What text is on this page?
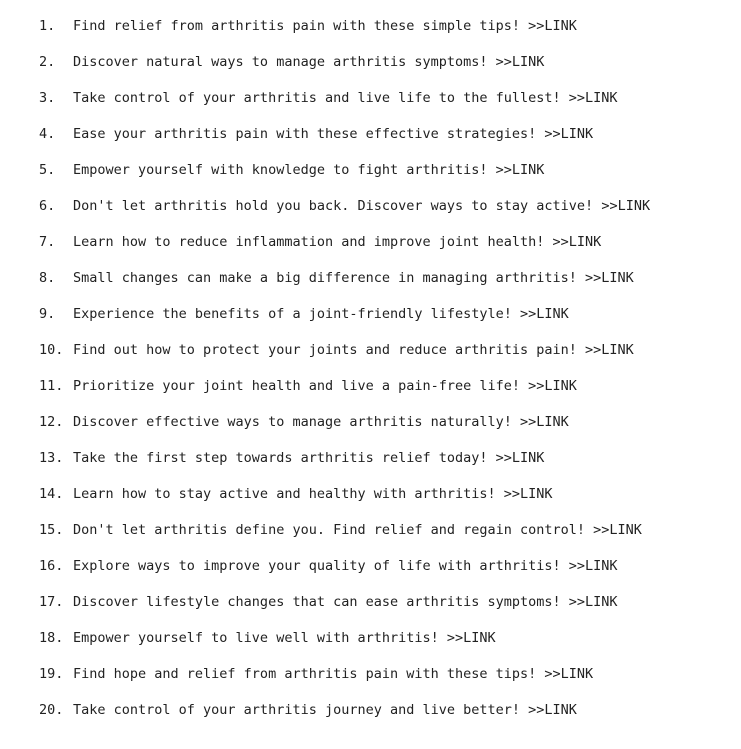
1.	Find relief from arthritis pain with these simple tips! >>LINK
2.	Discover natural ways to manage arthritis symptoms! >>LINK
3.	Take control of your arthritis and live life to the fullest! >>LINK
4.	Ease your arthritis pain with these effective strategies! >>LINK
5.	Empower yourself with knowledge to fight arthritis! >>LINK
6.	Don't let arthritis hold you back. Discover ways to stay active! >>LINK
7.	Learn how to reduce inflammation and improve joint health! >>LINK
8.	Small changes can make a big difference in managing arthritis! >>LINK
9.	Experience the benefits of a joint-friendly lifestyle! >>LINK
10. Find out how to protect your joints and reduce arthritis pain! >>LINK
11. Prioritize your joint health and live a pain-free life! >>LINK
12. Discover effective ways to manage arthritis naturally! >>LINK
13. Take the first step towards arthritis relief today! >>LINK
14. Learn how to stay active and healthy with arthritis! >>LINK
15. Don't let arthritis define you. Find relief and regain control! >>LINK
16. Explore ways to improve your quality of life with arthritis! >>LINK
17. Discover lifestyle changes that can ease arthritis symptoms! >>LINK
18. Empower yourself to live well with arthritis! >>LINK
19. Find hope and relief from arthritis pain with these tips! >>LINK
20. Take control of your arthritis journey and live better! >>LINK
